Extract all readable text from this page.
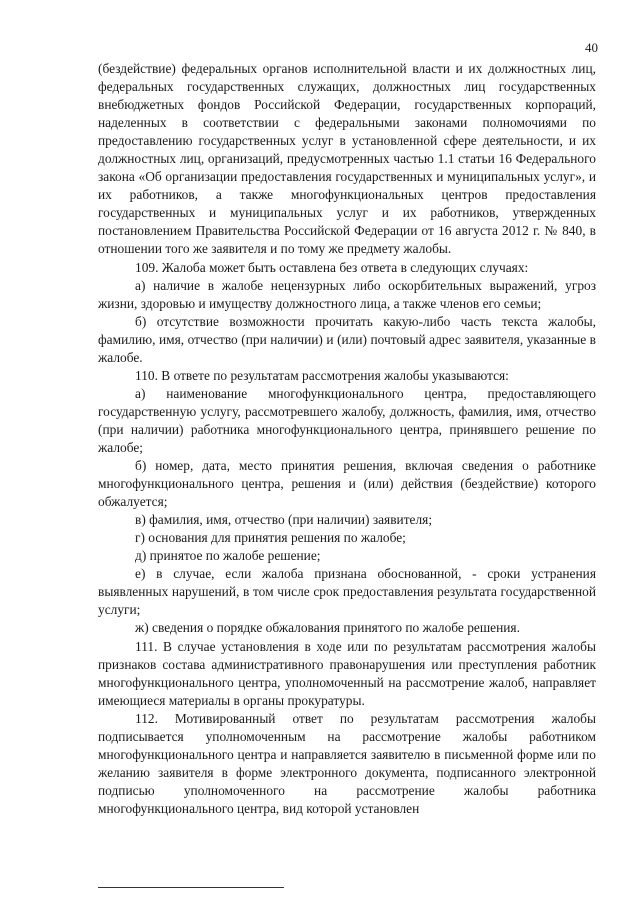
40

(бездействие) федеральных органов исполнительной власти и их должностных лиц, федеральных государственных служащих, должностных лиц государственных внебюджетных фондов Российской Федерации, государственных корпораций, наделенных в соответствии с федеральными законами полномочиями по предоставлению государственных услуг в установленной сфере деятельности, и их должностных лиц, организаций, предусмотренных частью 1.1 статьи 16 Федерального закона «Об организации предоставления государственных и муниципальных услуг», и их работников, а также многофункциональных центров предоставления государственных и муниципальных услуг и их работников, утвержденных постановлением Правительства Российской Федерации от 16 августа 2012 г. № 840, в отношении того же заявителя и по тому же предмету жалобы.

109. Жалоба может быть оставлена без ответа в следующих случаях:

а) наличие в жалобе нецензурных либо оскорбительных выражений, угроз жизни, здоровью и имуществу должностного лица, а также членов его семьи;

б) отсутствие возможности прочитать какую-либо часть текста жалобы, фамилию, имя, отчество (при наличии) и (или) почтовый адрес заявителя, указанные в жалобе.

110. В ответе по результатам рассмотрения жалобы указываются:

а) наименование многофункционального центра, предоставляющего государственную услугу, рассмотревшего жалобу, должность, фамилия, имя, отчество (при наличии) работника многофункционального центра, принявшего решение по жалобе;

б) номер, дата, место принятия решения, включая сведения о работнике многофункционального центра, решения и (или) действия (бездействие) которого обжалуется;

в) фамилия, имя, отчество (при наличии) заявителя;

г) основания для принятия решения по жалобе;

д) принятое по жалобе решение;

е) в случае, если жалоба признана обоснованной, - сроки устранения выявленных нарушений, в том числе срок предоставления результата государственной услуги;

ж) сведения о порядке обжалования принятого по жалобе решения.

111. В случае установления в ходе или по результатам рассмотрения жалобы признаков состава административного правонарушения или преступления работник многофункционального центра, уполномоченный на рассмотрение жалоб, направляет имеющиеся материалы в органы прокуратуры.

112. Мотивированный ответ по результатам рассмотрения жалобы подписывается уполномоченным на рассмотрение жалобы работником многофункционального центра и направляется заявителю в письменной форме или по желанию заявителя в форме электронного документа, подписанного электронной подписью уполномоченного на рассмотрение жалобы работника многофункционального центра, вид которой установлен
